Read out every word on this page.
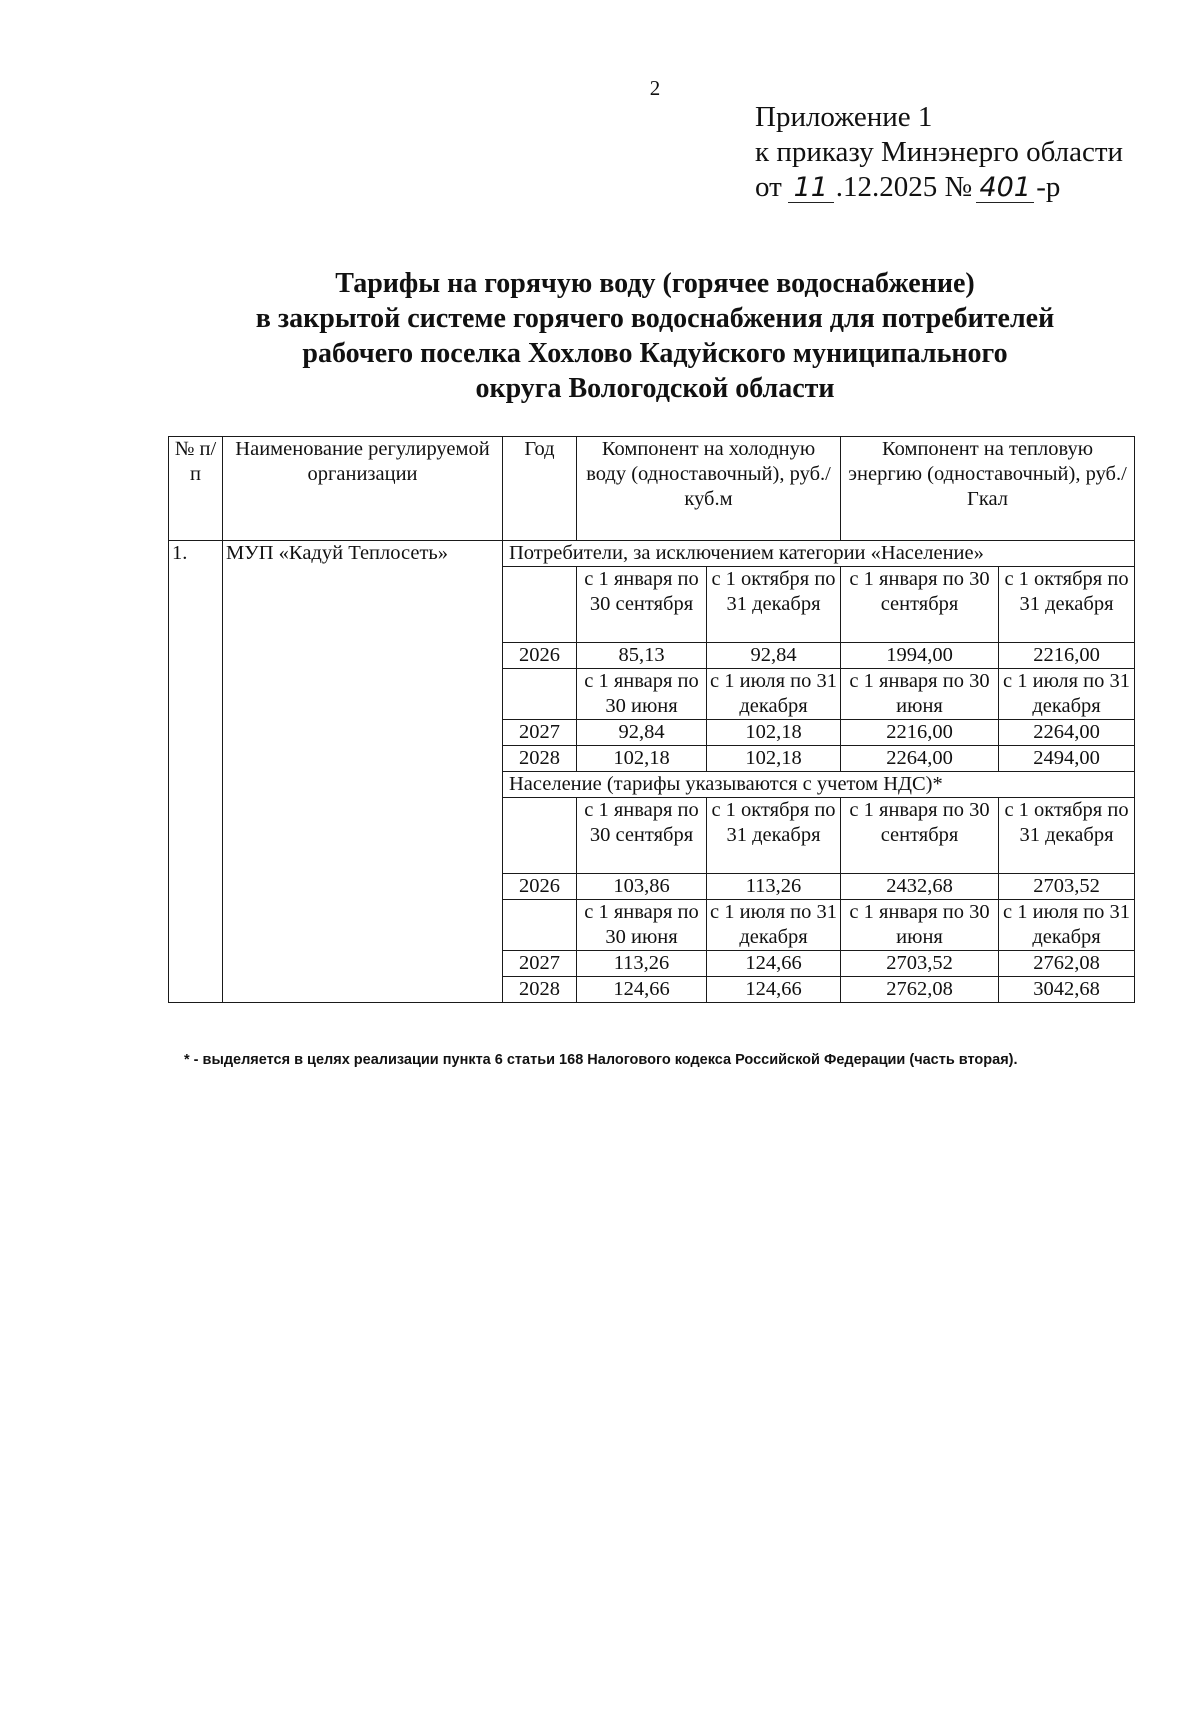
2
Приложение 1
к приказу Минэнерго области
от 11 .12.2025 № 401 -р
Тарифы на горячую воду (горячее водоснабжение)
в закрытой системе горячего водоснабжения для потребителей
рабочего поселка Хохлово Кадуйского муниципального
округа Вологодской области
№ п/п	Наименование регулируемой организации	Год	Компонент на холодную воду (одноставочный), руб./куб.м		Компонент на тепловую энергию (одноставочный), руб./Гкал	
1.	МУП «Кадуй Теплосеть»	Потребители, за исключением категории «Население»				
			с 1 января по 30 сентября	с 1 октября по 31 декабря	с 1 января по 30 сентября	с 1 октября по 31 декабря
		2026	85,13	92,84	1994,00	2216,00
			с 1 января по 30 июня	с 1 июля по 31 декабря	с 1 января по 30 июня	с 1 июля по 31 декабря
		2027	92,84	102,18	2216,00	2264,00
		2028	102,18	102,18	2264,00	2494,00
		Население (тарифы указываются с учетом НДС)*				
			с 1 января по 30 сентября	с 1 октября по 31 декабря	с 1 января по 30 сентября	с 1 октября по 31 декабря
		2026	103,86	113,26	2432,68	2703,52
			с 1 января по 30 июня	с 1 июля по 31 декабря	с 1 января по 30 июня	с 1 июля по 31 декабря
		2027	113,26	124,66	2703,52	2762,08
		2028	124,66	124,66	2762,08	3042,68
* - выделяется в целях реализации пункта 6 статьи 168 Налогового кодекса Российской Федерации (часть вторая).
